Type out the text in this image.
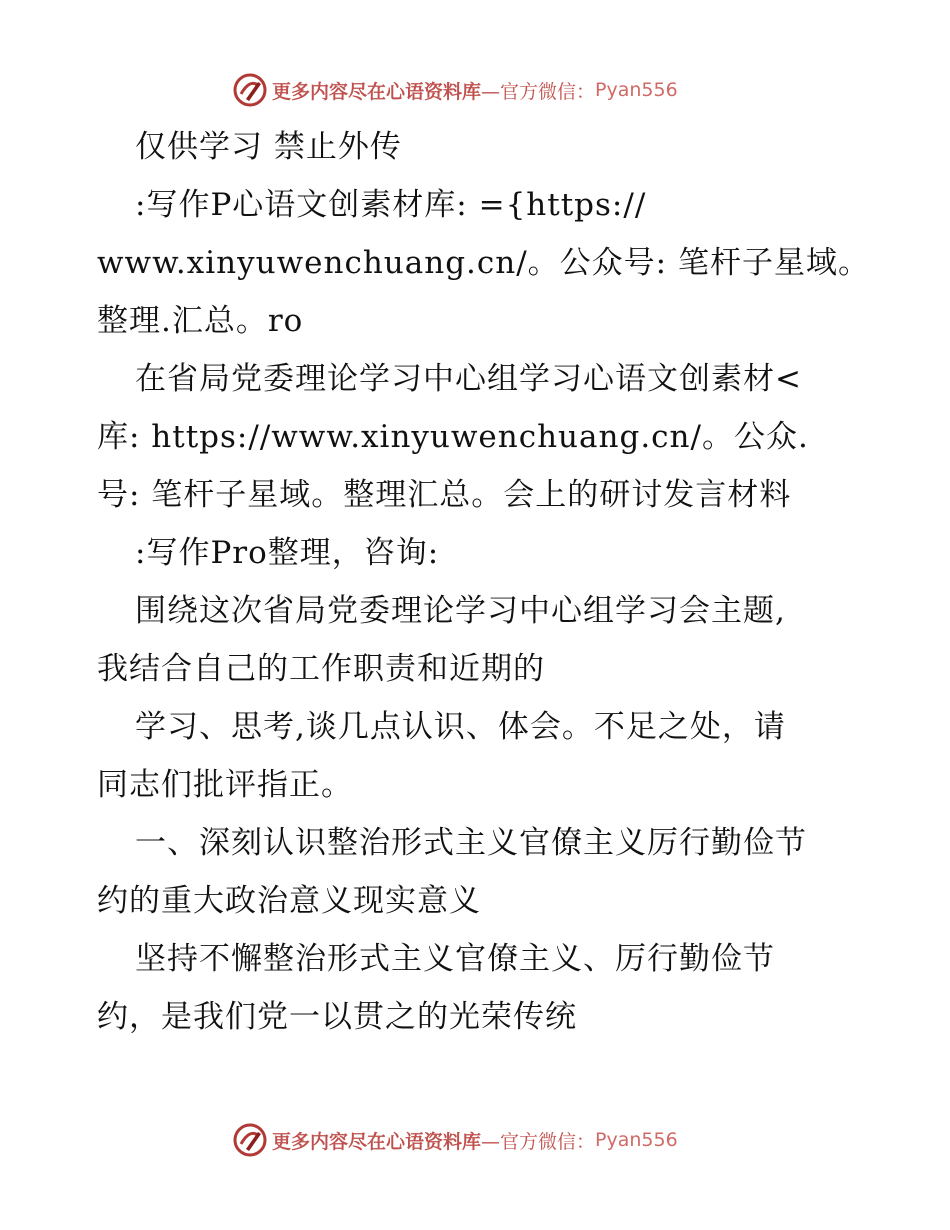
更多内容尽在心语资料库 —官方微信： Pyan556
仅供学习 禁止外传
:写作P心语文创素材库: ={https://
www.xinyuwenchuang.cn/。公众号: 笔杆子星域。
整理.汇总。ro
在省局党委理论学习中心组学习心语文创素材<
库: https://www.xinyuwenchuang.cn/。公众.
号: 笔杆子星域。整理汇总。会上的研讨发言材料
:写作Pro整理，咨询:
围绕这次省局党委理论学习中心组学习会主题,
我结合自己的工作职责和近期的
学习、思考,谈几点认识、体会。不足之处，请
同志们批评指正。
一、深刻认识整治形式主义官僚主义厉行勤俭节
约的重大政治意义现实意义
坚持不懈整治形式主义官僚主义、厉行勤俭节
约，是我们党一以贯之的光荣传统
更多内容尽在心语资料库 —官方微信： Pyan556
